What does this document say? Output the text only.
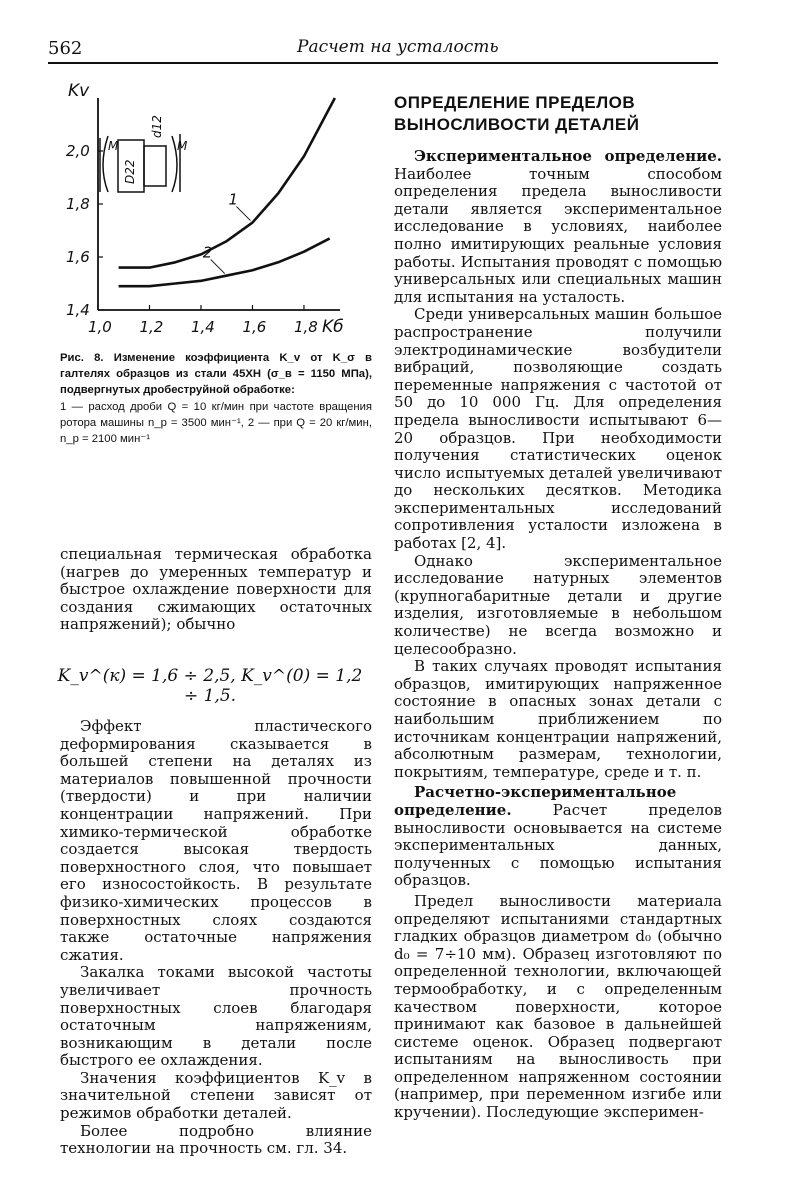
562	Расчет на усталость
Kб
Kv
1,0 1,2 1,4 1,6 1,8
1,4
1,6
1,8
2,0
1
2
M	M
D22
d12

Рис. 8. Изменение коэффициента K_v от K_σ в галтелях образцов из стали 45ХН (σ_в = 1150 МПа), подвергнутых дробеструйной обработке:

1 — расход дроби Q = 10 кг/мин при частоте вращения ротора машины n_p = 3500 мин⁻¹, 2 — при Q = 20 кг/мин, n_p = 2100 мин⁻¹

специальная термическая обработка (нагрев до умеренных температур и быстрое охлаждение поверхности для создания сжимающих остаточных напряжений); обычно

K_v^(к) = 1,6 ÷ 2,5, K_v^(0) = 1,2 ÷ 1,5.

Эффект пластического деформирования сказывается в большей степени на деталях из материалов повышенной прочности (твердости) и при наличии концентрации напряжений. При химико-термической обработке создается высокая твердость поверхностного слоя, что повышает его износостойкость. В результате физико-химических процессов в поверхностных слоях создаются также остаточные напряжения сжатия.

Закалка токами высокой частоты увеличивает прочность поверхностных слоев благодаря остаточным напряжениям, возникающим в детали после быстрого ее охлаждения.

Значения коэффициентов K_v в значительной степени зависят от режимов обработки деталей.

Более подробно влияние технологии на прочность см. гл. 34.

ОПРЕДЕЛЕНИЕ ПРЕДЕЛОВ ВЫНОСЛИВОСТИ ДЕТАЛЕЙ

Экспериментальное определение. Наиболее точным способом определения предела выносливости детали является экспериментальное исследование в условиях, наиболее полно имитирующих реальные условия работы. Испытания проводят с помощью универсальных или специальных машин для испытания на усталость.

Среди универсальных машин большое распространение получили электродинамические возбудители вибраций, позволяющие создать переменные напряжения с частотой от 50 до 10 000 Гц. Для определения предела выносливости испытывают 6—20 образцов. При необходимости получения статистических оценок число испытуемых деталей увеличивают до нескольких десятков. Методика экспериментальных исследований сопротивления усталости изложена в работах [2, 4].

Однако экспериментальное исследование натурных элементов (крупногабаритные детали и другие изделия, изготовляемые в небольшом количестве) не всегда возможно и целесообразно.

В таких случаях проводят испытания образцов, имитирующих напряженное состояние в опасных зонах детали с наибольшим приближением по источникам концентрации напряжений, абсолютным размерам, технологии, покрытиям, температуре, среде и т. п.

Расчетно-экспериментальное определение. Расчет пределов выносливости основывается на системе экспериментальных данных, полученных с помощью испытания образцов.

Предел выносливости материала определяют испытаниями стандартных гладких образцов диаметром d₀ (обычно d₀ = 7÷10 мм). Образец изготовляют по определенной технологии, включающей термообработку, и с определенным качеством поверхности, которое принимают как базовое в дальнейшей системе оценок. Образец подвергают испытаниям на выносливость при определенном напряженном состоянии (например, при переменном изгибе или кручении). Последующие эксперимен-
